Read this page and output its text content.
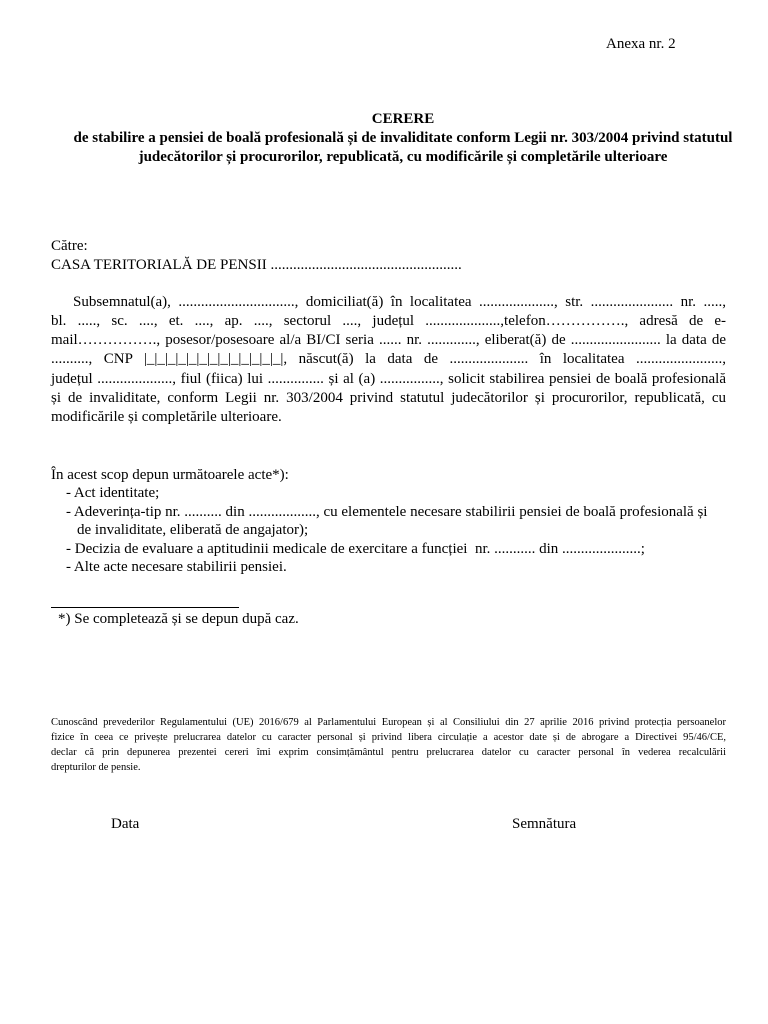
Anexa nr. 2
CERERE
de stabilire a pensiei de boală profesională și de invaliditate conform Legii nr. 303/2004 privind statutul
judecătorilor și procurorilor, republicată, cu modificările și completările ulterioare
Către:
CASA TERITORIALĂ DE PENSII ...................................................
Subsemnatul(a), ..............................., domiciliat(ă) în localitatea ...................., str. ...................... nr. .....,
bl. ....., sc. ...., et. ...., ap. ...., sectorul ...., județul ....................,telefon……………., adresă de e-
mail……………., posesor/posesoare al/a BI/CI seria ...... nr. ............., eliberat(ă) de ........................ la data de
.........., CNP |_|_|_|_|_|_|_|_|_|_|_|_|_|, născut(ă) la data de ..................... în localitatea .......................,
județul ...................., fiul (fiica) lui ............... și al (a) ................, solicit stabilirea pensiei de boală profesională
și de invaliditate, conform Legii nr. 303/2004 privind statutul judecătorilor și procurorilor, republicată, cu
modificările și completările ulterioare.
În acest scop depun următoarele acte*):
- Act identitate;
- Adeverința-tip nr. .......... din .................., cu elementele necesare stabilirii pensiei de boală profesională și
de invaliditate, eliberată de angajator);
- Decizia de evaluare a aptitudinii medicale de exercitare a funcției  nr. ........... din .....................;
- Alte acte necesare stabilirii pensiei.
*) Se completează și se depun după caz.
Cunoscând prevederilor Regulamentului (UE) 2016/679 al Parlamentului European și al Consiliului din 27 aprilie 2016 privind protecția persoanelor
fizice în ceea ce privește prelucrarea datelor cu caracter personal și privind libera circulație a acestor date și de abrogare a Directivei 95/46/CE,
declar că prin depunerea prezentei cereri îmi exprim consimțământul pentru prelucrarea datelor cu caracter personal în vederea recalculării
drepturilor de pensie.
Data	Semnătura
